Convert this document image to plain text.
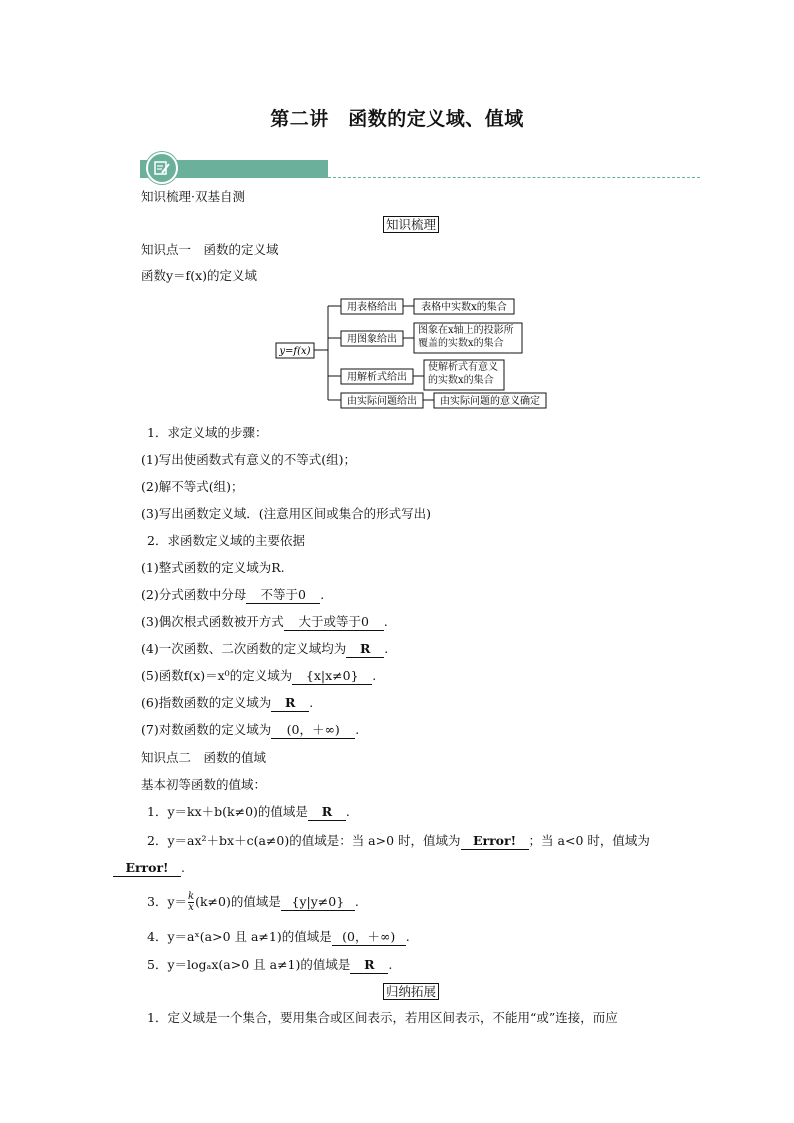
第二讲　函数的定义域、值域
知识梳理·双基自测
知识梳理
知识点一　函数的定义域
函数y＝f(x)的定义域
y=f(x)
用表格给出 表格中实数x的集合
用图象给出
图象在x轴上的投影所覆盖的实数x的集合
用解析式给出
使解析式有意义的实数x的集合
由实际问题给出 由实际问题的意义确定
1．求定义域的步骤：
(1)写出使函数式有意义的不等式(组)；
(2)解不等式(组)；
(3)写出函数定义域．(注意用区间或集合的形式写出)
2．求函数定义域的主要依据
(1)整式函数的定义域为R.
(2)分式函数中分母 不等于0 .
(3)偶次根式函数被开方式 大于或等于0 .
(4)一次函数、二次函数的定义域均为 R .
(5)函数f(x)＝x⁰的定义域为 {x|x≠0} .
(6)指数函数的定义域为 R .
(7)对数函数的定义域为 (0，＋∞) .
知识点二　函数的值域
基本初等函数的值域：
1．y＝kx＋b(k≠0)的值域是 R .
2．y＝ax²＋bx＋c(a≠0)的值域是：当 a>0 时，值域为 Error! ；当 a<0 时，值域为
Error! .
3．$y= \frac{k}{x} (k\ne 0)$的值域是 {y|y≠0} .
4．y＝aˣ(a>0 且 a≠1)的值域是 (0，＋∞) .
5．y＝logₐx(a>0 且 a≠1)的值域是 R .
归纳拓展
1．定义域是一个集合，要用集合或区间表示，若用区间表示，不能用“或”连接，而应
